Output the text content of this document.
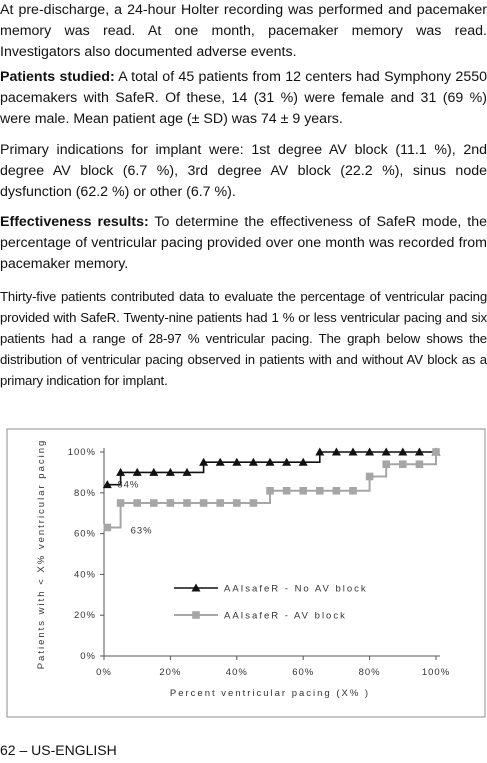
At pre-discharge, a 24-hour Holter recording was performed and pacemaker memory was read. At one month, pacemaker memory was read. Investigators also documented adverse events.

Patients studied: A total of 45 patients from 12 centers had Symphony 2550 pacemakers with SafeR. Of these, 14 (31 %) were female and 31 (69 %) were male. Mean patient age (± SD) was 74 ± 9 years.

Primary indications for implant were: 1st degree AV block (11.1 %), 2nd degree AV block (6.7 %), 3rd degree AV block (22.2 %), sinus node dysfunction (62.2 %) or other (6.7 %).

Effectiveness results: To determine the effectiveness of SafeR mode, the percentage of ventricular pacing provided over one month was recorded from pacemaker memory.

Thirty-five patients contributed data to evaluate the percentage of ventricular pacing provided with SafeR. Twenty-nine patients had 1 % or less ventricular pacing and six patients had a range of 28-97 % ventricular pacing. The graph below shows the distribution of ventricular pacing observed in patients with and without AV block as a primary indication for implant.

0%
20%
40%
60%
80%
100%
0%	20%	40%	60%	80%	100%
Percent ventricular pacing (X% )
Patients with < X% ventricular pacing	84%
63%
AAIsafeR - No AV block
AAIsafeR - AV block
62 – US-ENGLISH
